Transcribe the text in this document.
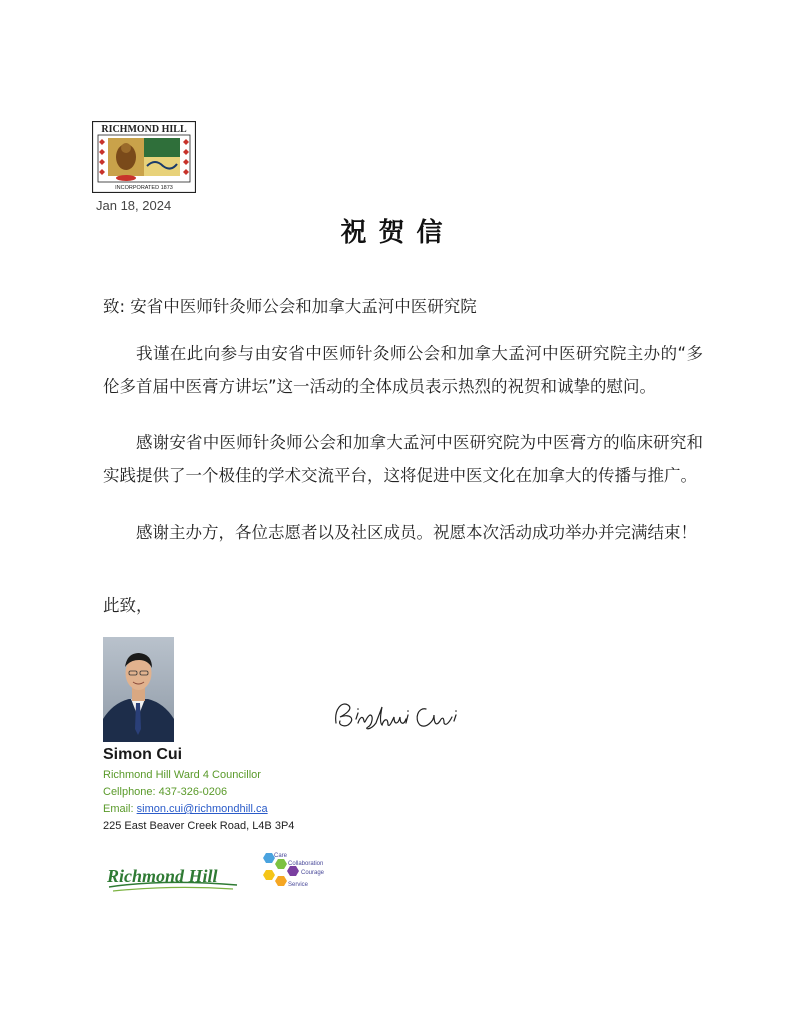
RICHMOND HILL
INCORPORATED 1873
Jan 18, 2024
祝贺信
致: 安省中医师针灸师公会和加拿大孟河中医研究院
我谨在此向参与由安省中医师针灸师公会和加拿大孟河中医研究院主办的“多伦多首届中医膏方讲坛”这一活动的全体成员表示热烈的祝贺和诚挚的慰问。
感谢安省中医师针灸师公会和加拿大孟河中医研究院为中医膏方的临床研究和实践提供了一个极佳的学术交流平台，这将促进中医文化在加拿大的传播与推广。
感谢主办方，各位志愿者以及社区成员。祝愿本次活动成功举办并完满结束！
此致，
Simon Cui
Richmond Hill Ward 4 Councillor
Cellphone: 437-326-0206
Email: simon.cui@richmondhill.ca
225 East Beaver Creek Road, L4B 3P4
Richmond Hill
Care
Collaboration
Courage
Service
